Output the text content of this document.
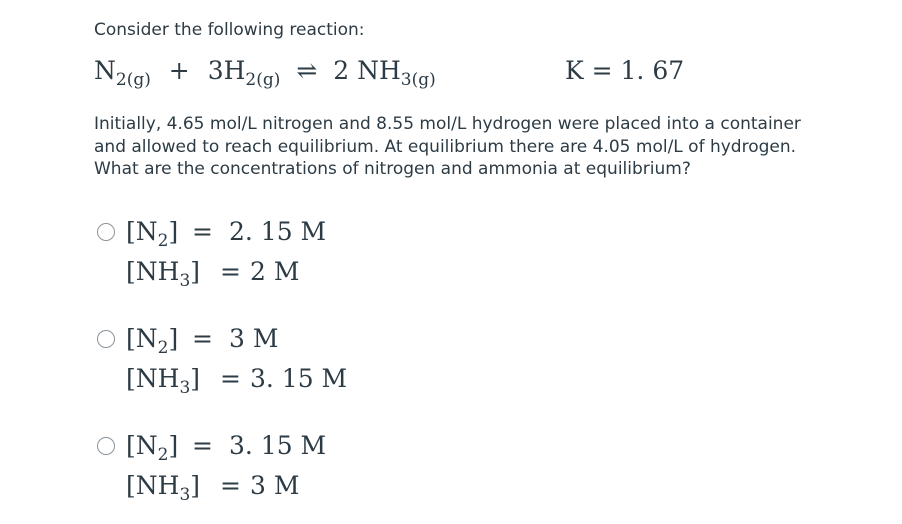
Consider the following reaction:
$N_{2(g)} + 3H_{2(g)}$ ⇌ 2 $NH_{3(g)}$	K = 1. 67
Initially, 4.65 mol/L nitrogen and 8.55 mol/L hydrogen were placed into a container and allowed to reach equilibrium. At equilibrium there are 4.05 mol/L of hydrogen. What are the concentrations of nitrogen and ammonia at equilibrium?
$[N_2] = 2$. 15 M
$[NH_3] = 2$ M
$[N_2] = 3$ M
$[NH_3] = 3$. 15 M
$[N_2] = 3$. 15 M
$[NH_3] = 3$ M
